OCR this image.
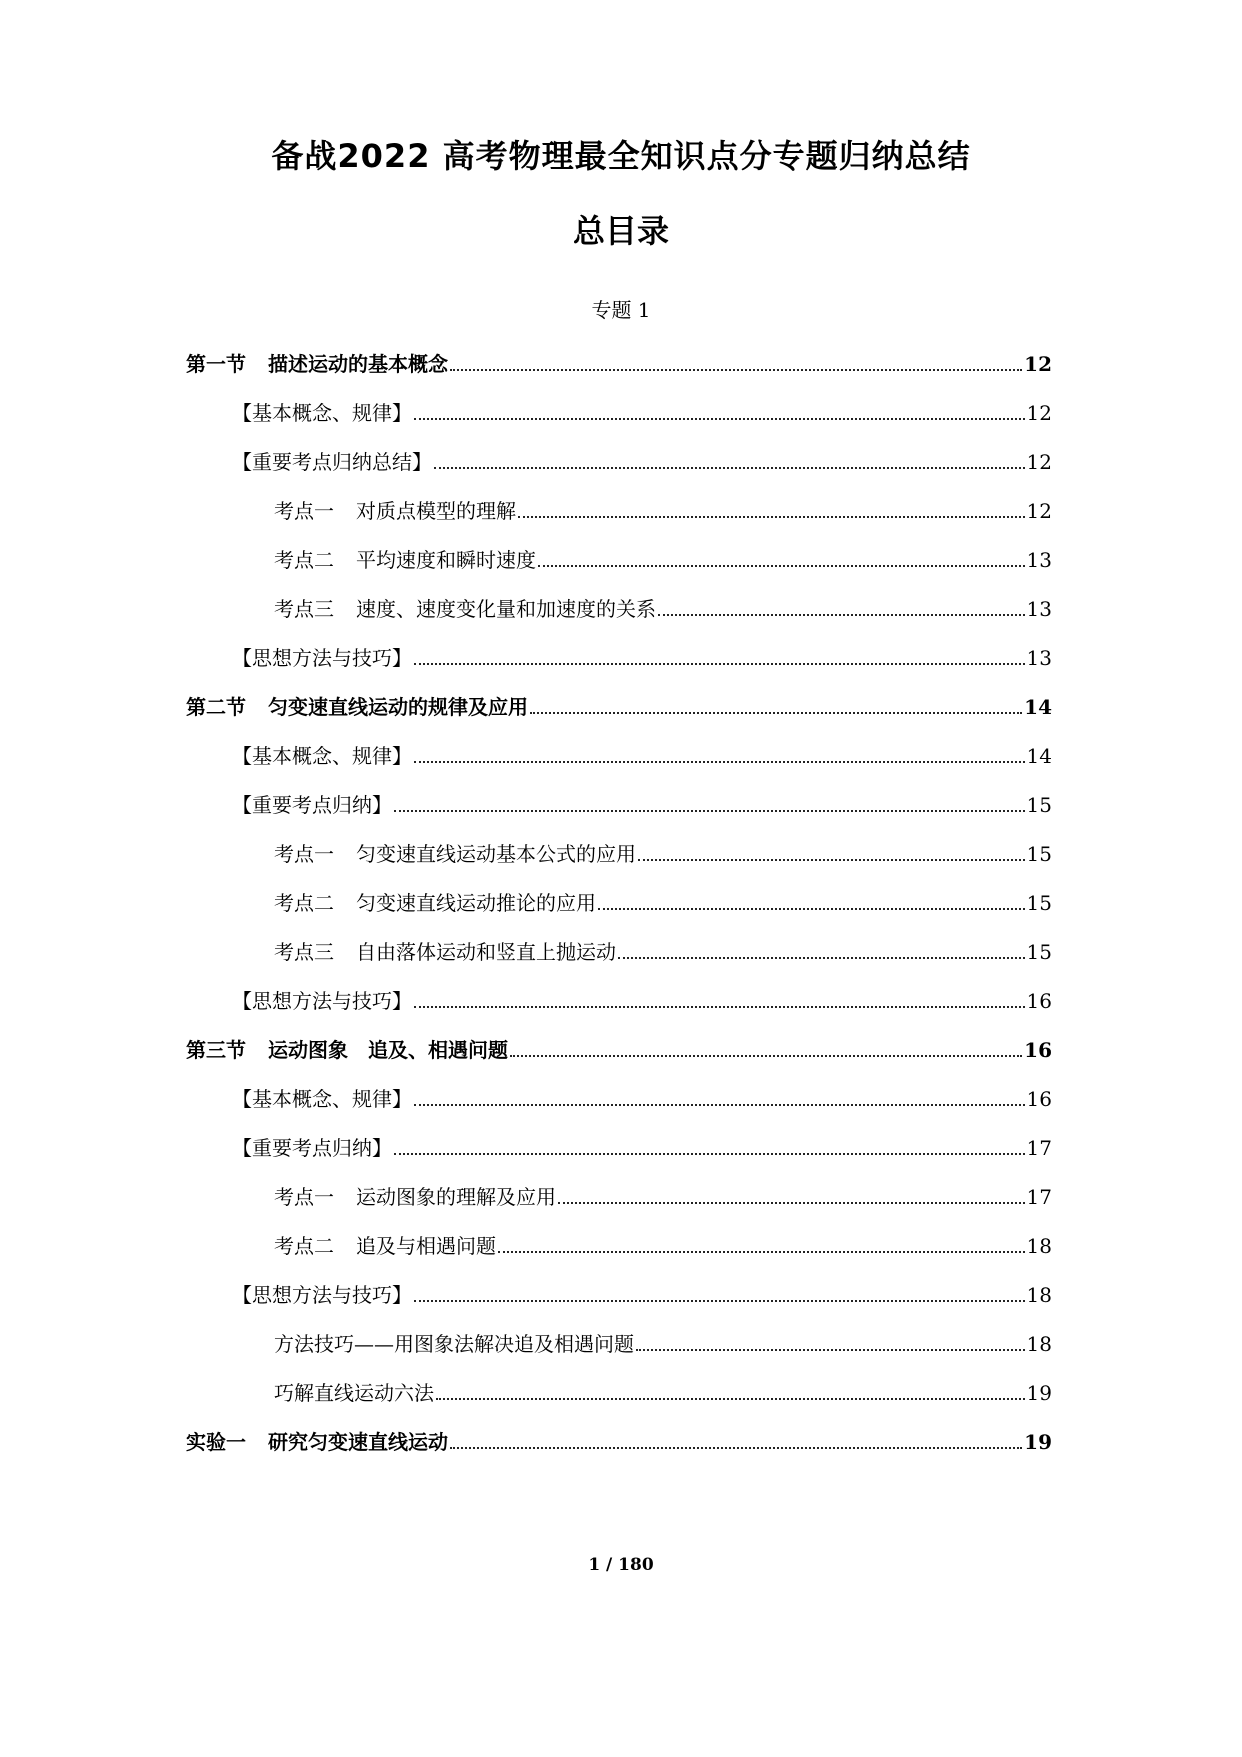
备战2022 高考物理最全知识点分专题归纳总结
总目录
专题 1
第一节 描述运动的基本概念	12
【基本概念、规律】	12
【重要考点归纳总结】	12
考点一 对质点模型的理解	12
考点二 平均速度和瞬时速度	13
考点三 速度、速度变化量和加速度的关系	13
【思想方法与技巧】	13
第二节 匀变速直线运动的规律及应用	14
【基本概念、规律】	14
【重要考点归纳】	15
考点一 匀变速直线运动基本公式的应用	15
考点二 匀变速直线运动推论的应用	15
考点三 自由落体运动和竖直上抛运动	15
【思想方法与技巧】	16
第三节 运动图象　追及、相遇问题	16
【基本概念、规律】	16
【重要考点归纳】	17
考点一 运动图象的理解及应用	17
考点二 追及与相遇问题	18
【思想方法与技巧】	18
方法技巧——用图象法解决追及相遇问题	18
巧解直线运动六法	19
实验一 研究匀变速直线运动	19
1 / 180
